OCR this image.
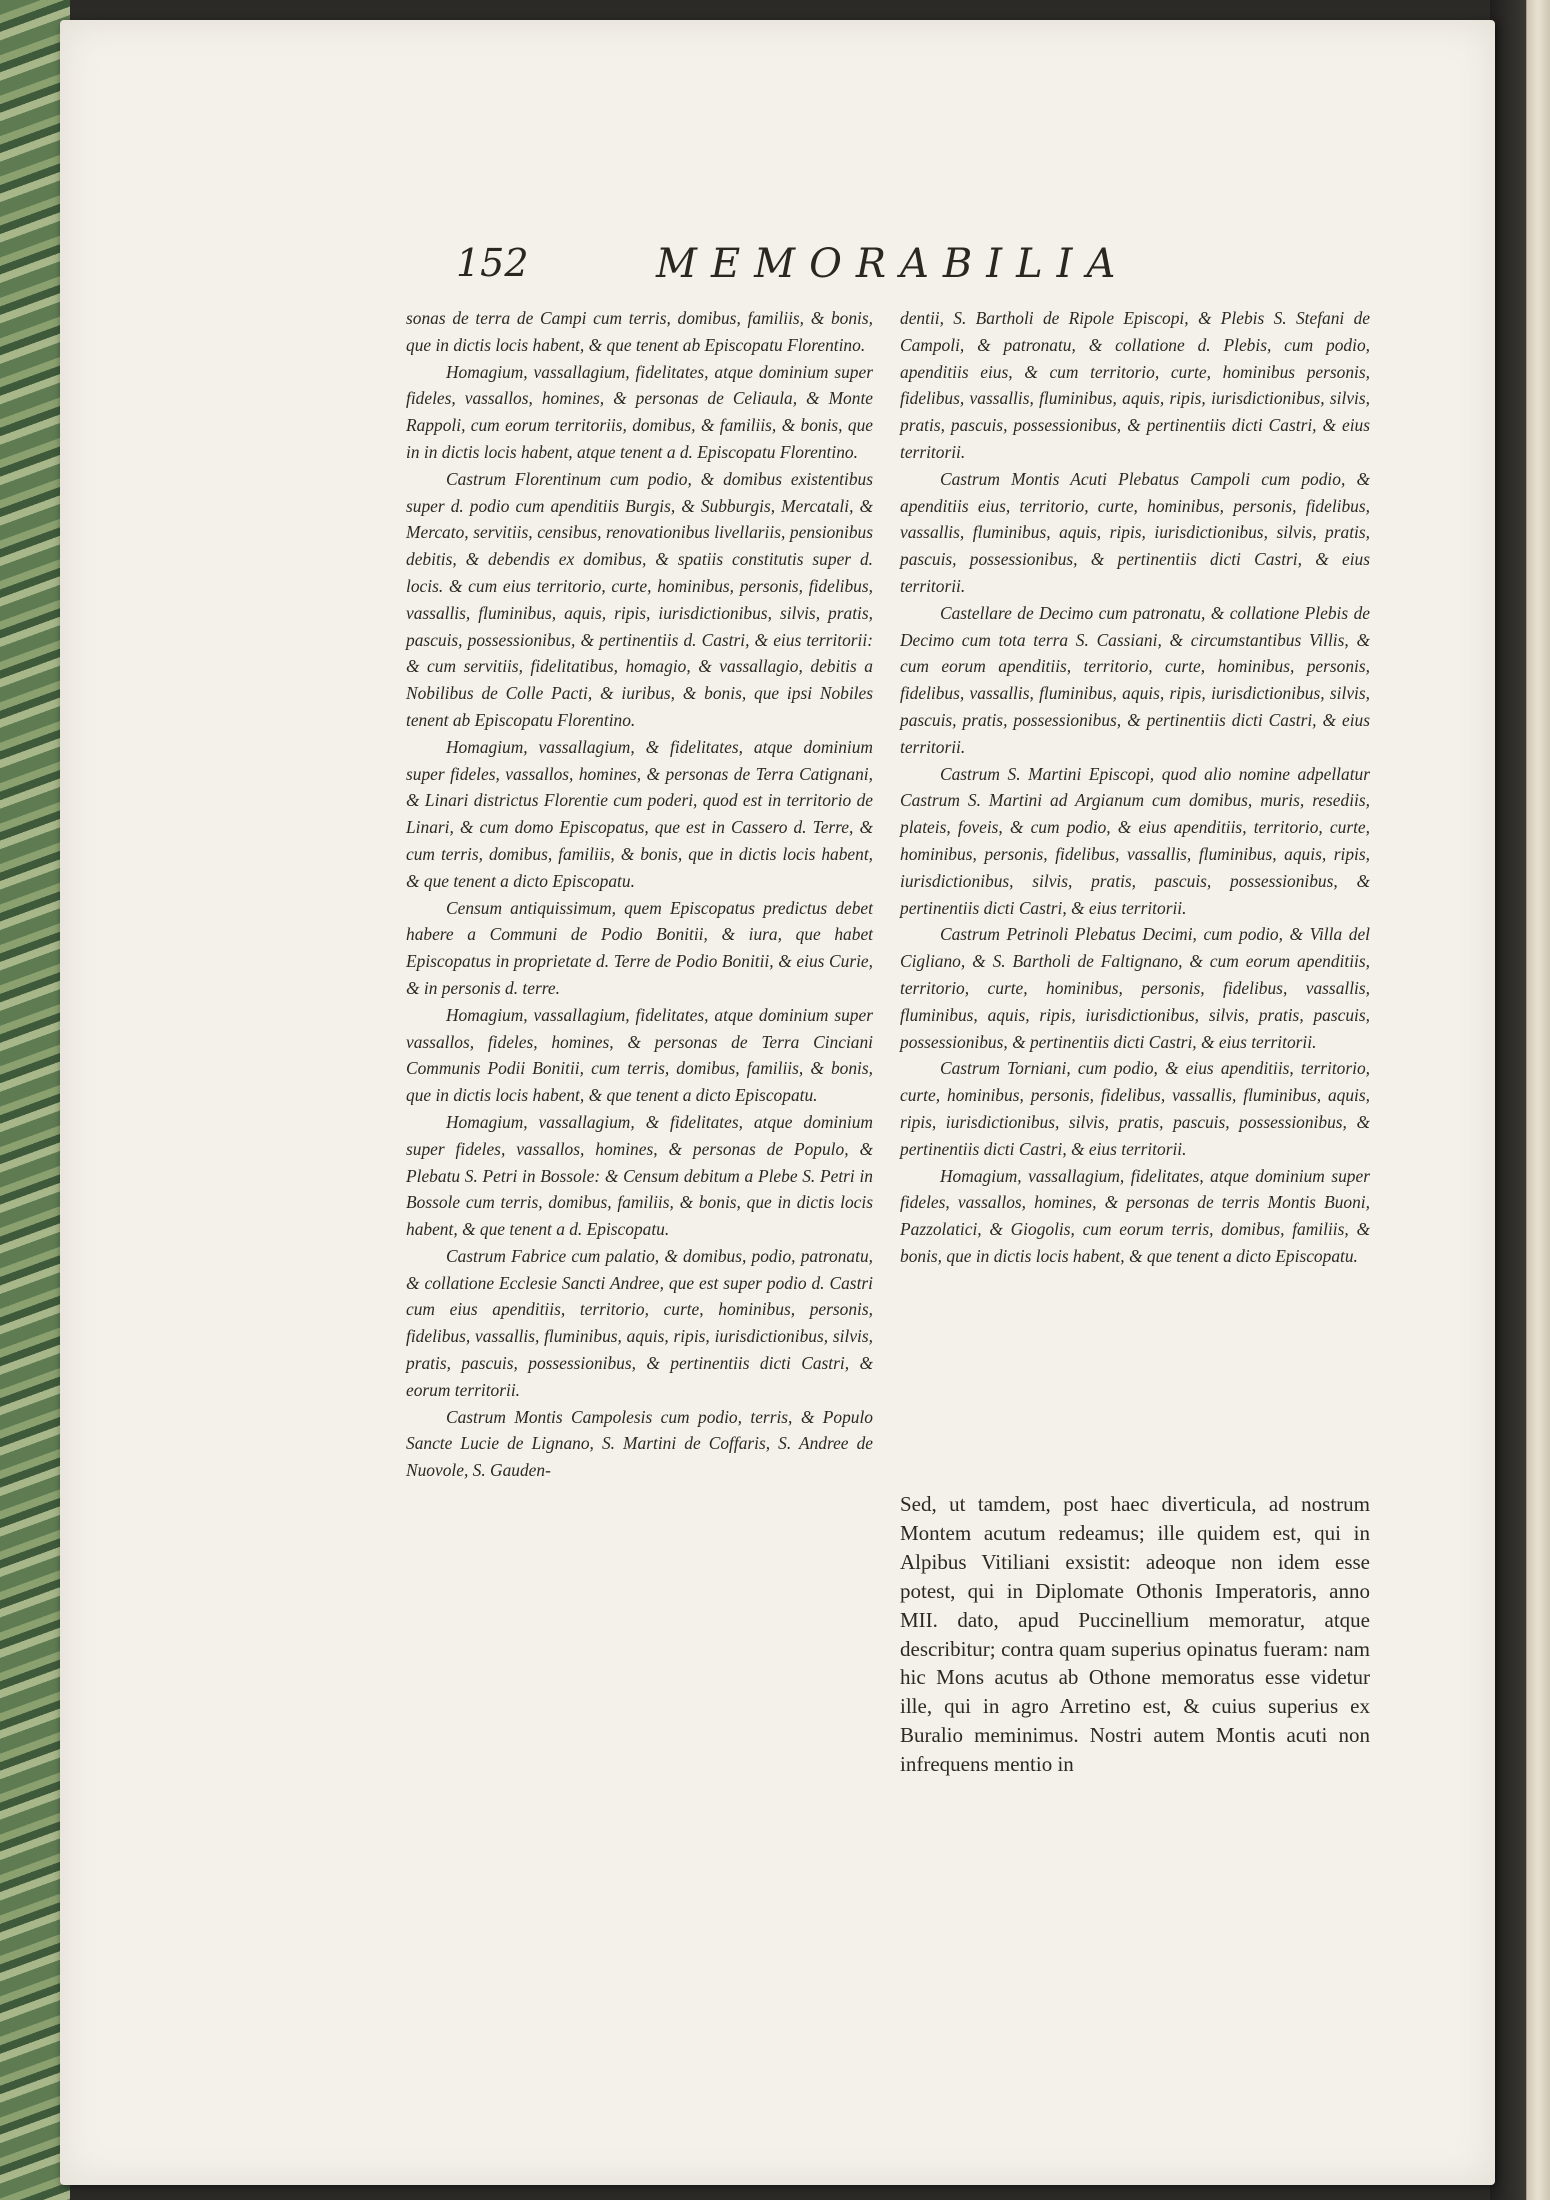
152	MEMORABILIA

sonas de terra de Campi cum terris, domibus, familiis, & bonis, que in dictis locis habent, & que tenent ab Episcopatu Florentino.

Homagium, vassallagium, fidelitates, atque dominium super fideles, vassallos, homines, & personas de Celiaula, & Monte Rappoli, cum eorum territoriis, domibus, & familiis, & bonis, que in in dictis locis habent, atque tenent a d. Episcopatu Florentino.

Castrum Florentinum cum podio, & domibus existentibus super d. podio cum apenditiis Burgis, & Subburgis, Mercatali, & Mercato, servitiis, censibus, renovationibus livellariis, pensionibus debitis, & debendis ex domibus, & spatiis constitutis super d. locis. & cum eius territorio, curte, hominibus, personis, fidelibus, vassallis, fluminibus, aquis, ripis, iurisdictionibus, silvis, pratis, pascuis, possessionibus, & pertinentiis d. Castri, & eius territorii: & cum servitiis, fidelitatibus, homagio, & vassallagio, debitis a Nobilibus de Colle Pacti, & iuribus, & bonis, que ipsi Nobiles tenent ab Episcopatu Florentino.

Homagium, vassallagium, & fidelitates, atque dominium super fideles, vassallos, homines, & personas de Terra Catignani, & Linari districtus Florentie cum poderi, quod est in territorio de Linari, & cum domo Episcopatus, que est in Cassero d. Terre, & cum terris, domibus, familiis, & bonis, que in dictis locis habent, & que tenent a dicto Episcopatu.

Censum antiquissimum, quem Episcopatus predictus debet habere a Communi de Podio Bonitii, & iura, que habet Episcopatus in proprietate d. Terre de Podio Bonitii, & eius Curie, & in personis d. terre.

Homagium, vassallagium, fidelitates, atque dominium super vassallos, fideles, homines, & personas de Terra Cinciani Communis Podii Bonitii, cum terris, domibus, familiis, & bonis, que in dictis locis habent, & que tenent a dicto Episcopatu.

Homagium, vassallagium, & fidelitates, atque dominium super fideles, vassallos, homines, & personas de Populo, & Plebatu S. Petri in Bossole: & Censum debitum a Plebe S. Petri in Bossole cum terris, domibus, familiis, & bonis, que in dictis locis habent, & que tenent a d. Episcopatu.

Castrum Fabrice cum palatio, & domibus, podio, patronatu, & collatione Ecclesie Sancti Andree, que est super podio d. Castri cum eius apenditiis, territorio, curte, hominibus, personis, fidelibus, vassallis, fluminibus, aquis, ripis, iurisdictionibus, silvis, pratis, pascuis, possessionibus, & pertinentiis dicti Castri, & eorum territorii.

Castrum Montis Campolesis cum podio, terris, & Populo Sancte Lucie de Lignano, S. Martini de Coffaris, S. Andree de Nuovole, S. Gauden-

dentii, S. Bartholi de Ripole Episcopi, & Plebis S. Stefani de Campoli, & patronatu, & collatione d. Plebis, cum podio, apenditiis eius, & cum territorio, curte, hominibus personis, fidelibus, vassallis, fluminibus, aquis, ripis, iurisdictionibus, silvis, pratis, pascuis, possessionibus, & pertinentiis dicti Castri, & eius territorii.

Castrum Montis Acuti Plebatus Campoli cum podio, & apenditiis eius, territorio, curte, hominibus, personis, fidelibus, vassallis, fluminibus, aquis, ripis, iurisdictionibus, silvis, pratis, pascuis, possessionibus, & pertinentiis dicti Castri, & eius territorii.

Castellare de Decimo cum patronatu, & collatione Plebis de Decimo cum tota terra S. Cassiani, & circumstantibus Villis, & cum eorum apenditiis, territorio, curte, hominibus, personis, fidelibus, vassallis, fluminibus, aquis, ripis, iurisdictionibus, silvis, pascuis, pratis, possessionibus, & pertinentiis dicti Castri, & eius territorii.

Castrum S. Martini Episcopi, quod alio nomine adpellatur Castrum S. Martini ad Argianum cum domibus, muris, resediis, plateis, foveis, & cum podio, & eius apenditiis, territorio, curte, hominibus, personis, fidelibus, vassallis, fluminibus, aquis, ripis, iurisdictionibus, silvis, pratis, pascuis, possessionibus, & pertinentiis dicti Castri, & eius territorii.

Castrum Petrinoli Plebatus Decimi, cum podio, & Villa del Cigliano, & S. Bartholi de Faltignano, & cum eorum apenditiis, territorio, curte, hominibus, personis, fidelibus, vassallis, fluminibus, aquis, ripis, iurisdictionibus, silvis, pratis, pascuis, possessionibus, & pertinentiis dicti Castri, & eius territorii.

Castrum Torniani, cum podio, & eius apenditiis, territorio, curte, hominibus, personis, fidelibus, vassallis, fluminibus, aquis, ripis, iurisdictionibus, silvis, pratis, pascuis, possessionibus, & pertinentiis dicti Castri, & eius territorii.

Homagium, vassallagium, fidelitates, atque dominium super fideles, vassallos, homines, & personas de terris Montis Buoni, Pazzolatici, & Giogolis, cum eorum terris, domibus, familiis, & bonis, que in dictis locis habent, & que tenent a dicto Episcopatu.

Sed, ut tamdem, post haec diverticula, ad nostrum Montem acutum redeamus; ille quidem est, qui in Alpibus Vitiliani exsistit: adeoque non idem esse potest, qui in Diplomate Othonis Imperatoris, anno MII. dato, apud Puccinellium memoratur, atque describitur; contra quam superius opinatus fueram: nam hic Mons acutus ab Othone memoratus esse videtur ille, qui in agro Arretino est, & cuius superius ex Buralio meminimus. Nostri autem Montis acuti non infrequens mentio in
